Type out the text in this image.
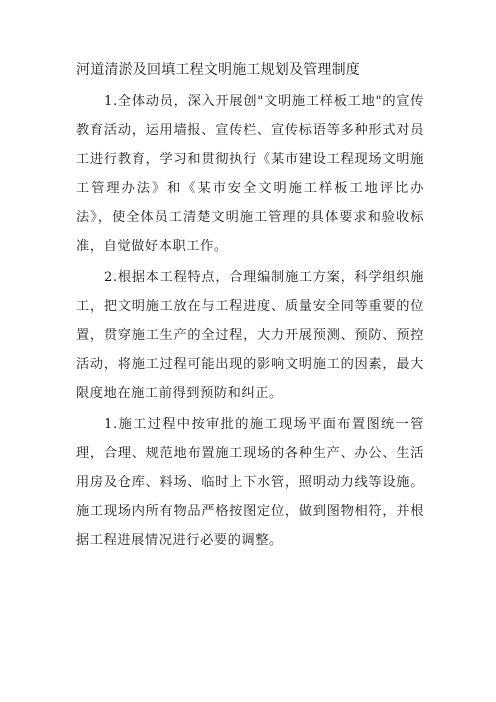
河道清淤及回填工程文明施工规划及管理制度

1.全体动员，深入开展创"文明施工样板工地"的宣传教育活动，运用墙报、宣传栏、宣传标语等多种形式对员工进行教育，学习和贯彻执行《某市建设工程现场文明施工管理办法》和《某市安全文明施工样板工地评比办法》，使全体员工清楚文明施工管理的具体要求和验收标准，自觉做好本职工作。

2.根据本工程特点，合理编制施工方案，科学组织施工，把文明施工放在与工程进度、质量安全同等重要的位置，贯穿施工生产的全过程，大力开展预测、预防、预控活动，将施工过程可能出现的影响文明施工的因素，最大限度地在施工前得到预防和纠正。

1.施工过程中按审批的施工现场平面布置图统一管理，合理、规范地布置施工现场的各种生产、办公、生活用房及仓库、料场、临时上下水管，照明动力线等设施。施工现场内所有物品严格按图定位，做到图物相符，并根据工程进展情况进行必要的调整。
